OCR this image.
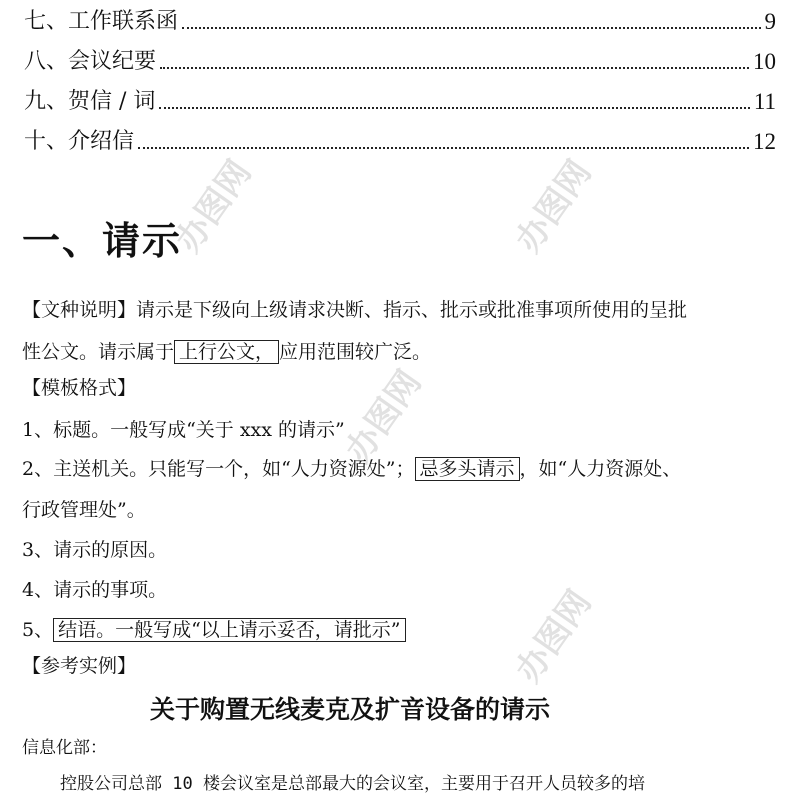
办图网	办图网
办图网
办图网
七、工作联系函	9
八、会议纪要	10
九、贺信 / 词	11
十、介绍信	12
一、请示
【文种说明】请示是下级向上级请求决断、指示、批示或批准事项所使用的呈批
性公文。请示属于 上行公文， 应用范围较广泛。
【模板格式】
1、标题。一般写成“关于 xxx 的请示”
2、主送机关。只能写一个，如“人力资源处”； 忌多头请示 ，如“人力资源处、
行政管理处”。
3、请示的原因。
4、请示的事项。
5、 结语。一般写成“以上请示妥否，请批示”
【参考实例】
关于购置无线麦克及扩音设备的请示
信息化部：
控股公司总部 10 楼会议室是总部最大的会议室，主要用于召开人员较多的培
